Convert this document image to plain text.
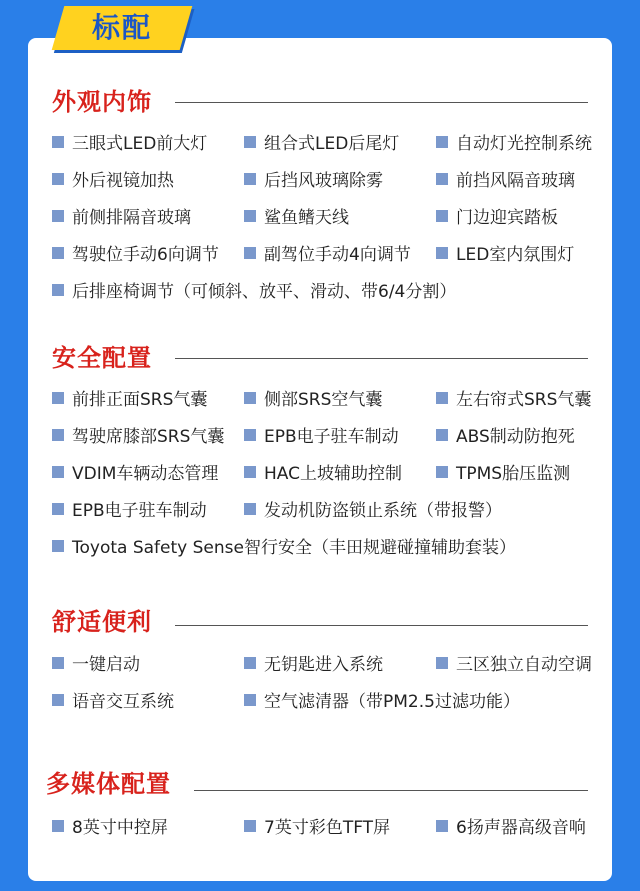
标配
外观内饰
三眼式LED前大灯	组合式LED后尾灯	自动灯光控制系统
外后视镜加热	后挡风玻璃除雾	前挡风隔音玻璃
前侧排隔音玻璃	鲨鱼鳍天线	门边迎宾踏板
驾驶位手动6向调节	副驾位手动4向调节	LED室内氛围灯
后排座椅调节（可倾斜、放平、滑动、带6/4分割）
安全配置
前排正面SRS气囊	侧部SRS空气囊	左右帘式SRS气囊
驾驶席膝部SRS气囊	EPB电子驻车制动	ABS制动防抱死
VDIM车辆动态管理	HAC上坡辅助控制	TPMS胎压监测
EPB电子驻车制动	发动机防盗锁止系统（带报警）
Toyota Safety Sense智行安全（丰田规避碰撞辅助套装）
舒适便利
一键启动	无钥匙进入系统	三区独立自动空调
语音交互系统	空气滤清器（带PM2.5过滤功能）
多媒体配置
8英寸中控屏	7英寸彩色TFT屏	6扬声器高级音响
